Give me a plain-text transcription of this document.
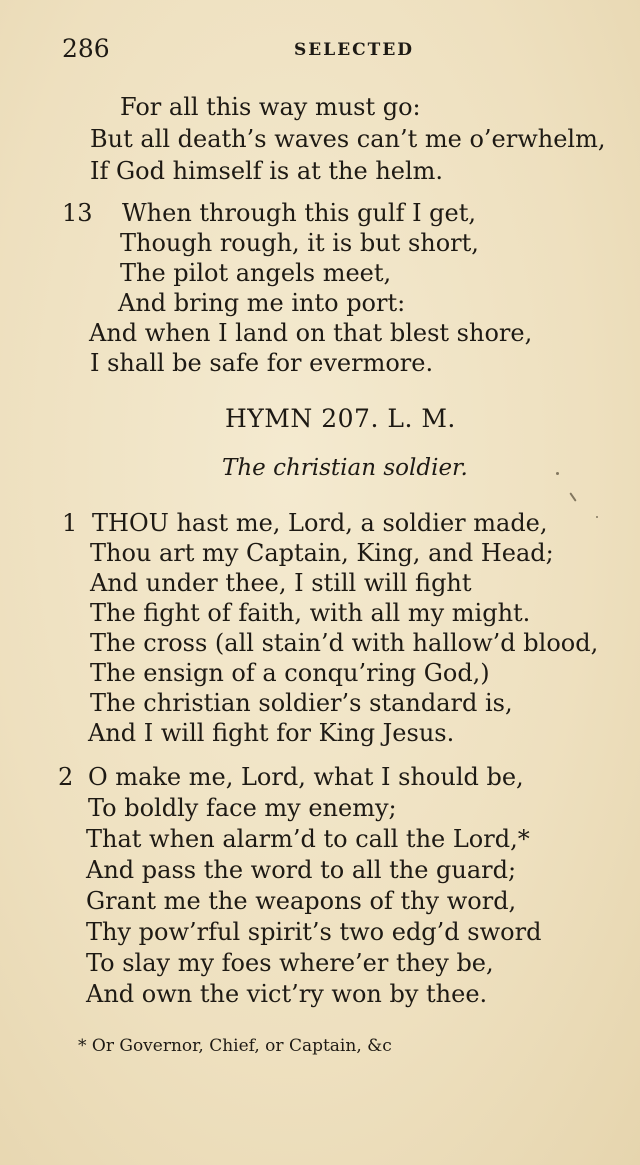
286	SELECTED
For all this way must go:
But all death’s waves can’t me o’erwhelm,
If God himself is at the helm.
13 When through this gulf I get,
Though rough, it is but short,
The pilot angels meet,
And bring me into port:
And when I land on that blest shore,
I shall be safe for evermore.
HYMN 207. L. M.
The christian soldier.
1 THOU hast me, Lord, a soldier made,
Thou art my Captain, King, and Head;
And under thee, I still will fight
The fight of faith, with all my might.
The cross (all stain’d with hallow’d blood,
The ensign of a conqu’ring God,)
The christian soldier’s standard is,
And I will fight for King Jesus.
2 O make me, Lord, what I should be,
To boldly face my enemy;
That when alarm’d to call the Lord,*
And pass the word to all the guard;
Grant me the weapons of thy word,
Thy pow’rful spirit’s two edg’d sword
To slay my foes where’er they be,
And own the vict’ry won by thee.
* Or Governor, Chief, or Captain, &c
